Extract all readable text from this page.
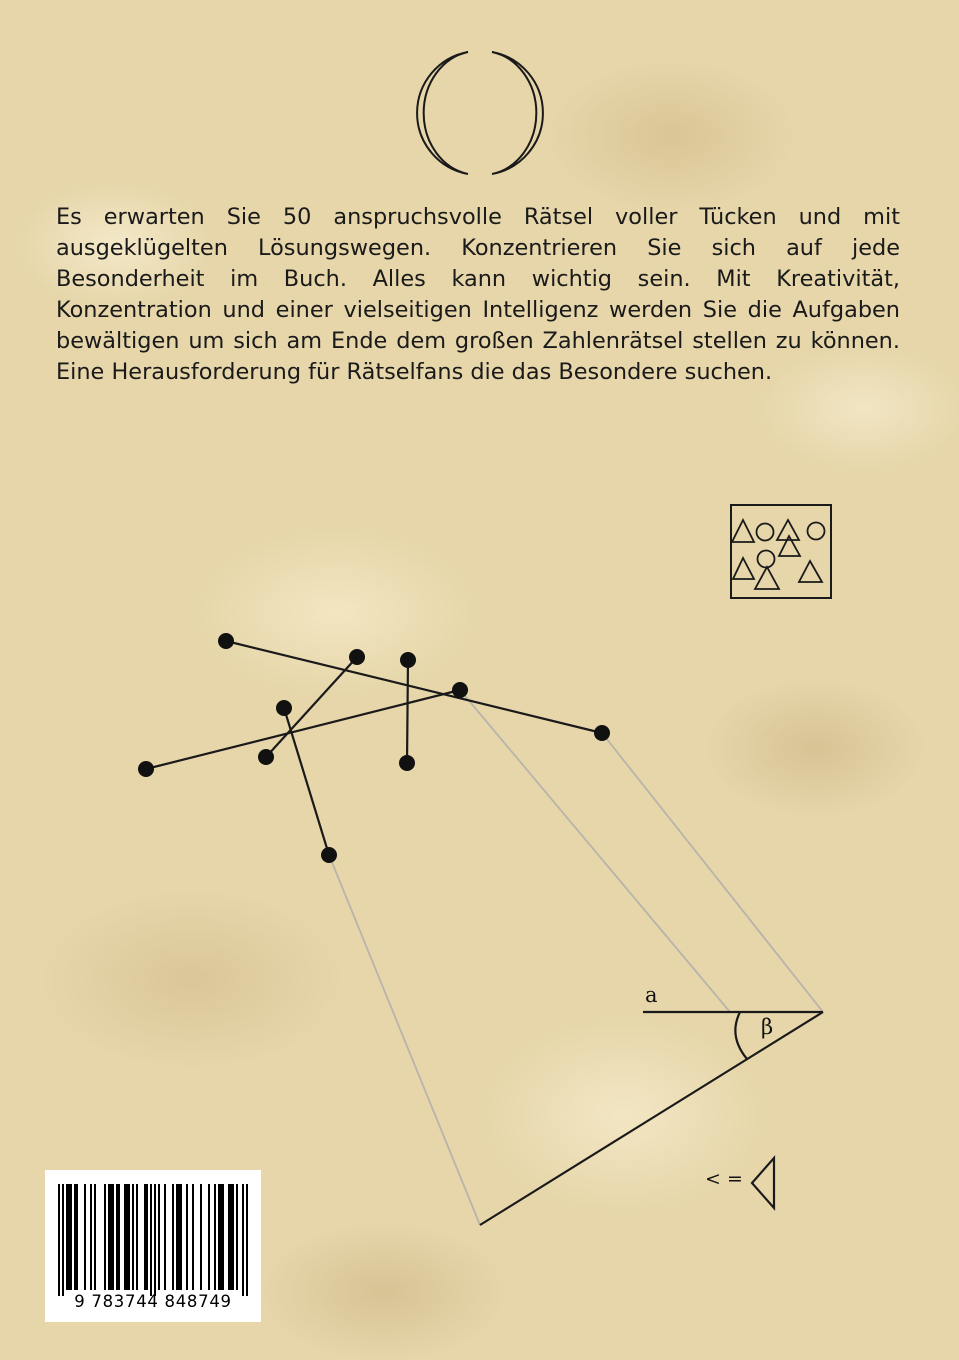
Es erwarten Sie 50 anspruchsvolle Rätsel voller Tücken und mit ausgeklügelten Lösungswegen. Konzentrieren Sie sich auf jede Besonderheit im Buch. Alles kann wichtig sein. Mit Kreativität, Konzentration und einer vielseitigen Intelligenz werden Sie die Aufgaben bewältigen um sich am Ende dem großen Zahlenrätsel stellen zu können. Eine Herausforderung für Rätselfans die das Besondere suchen.

a
β
< =
9 783744 848749
